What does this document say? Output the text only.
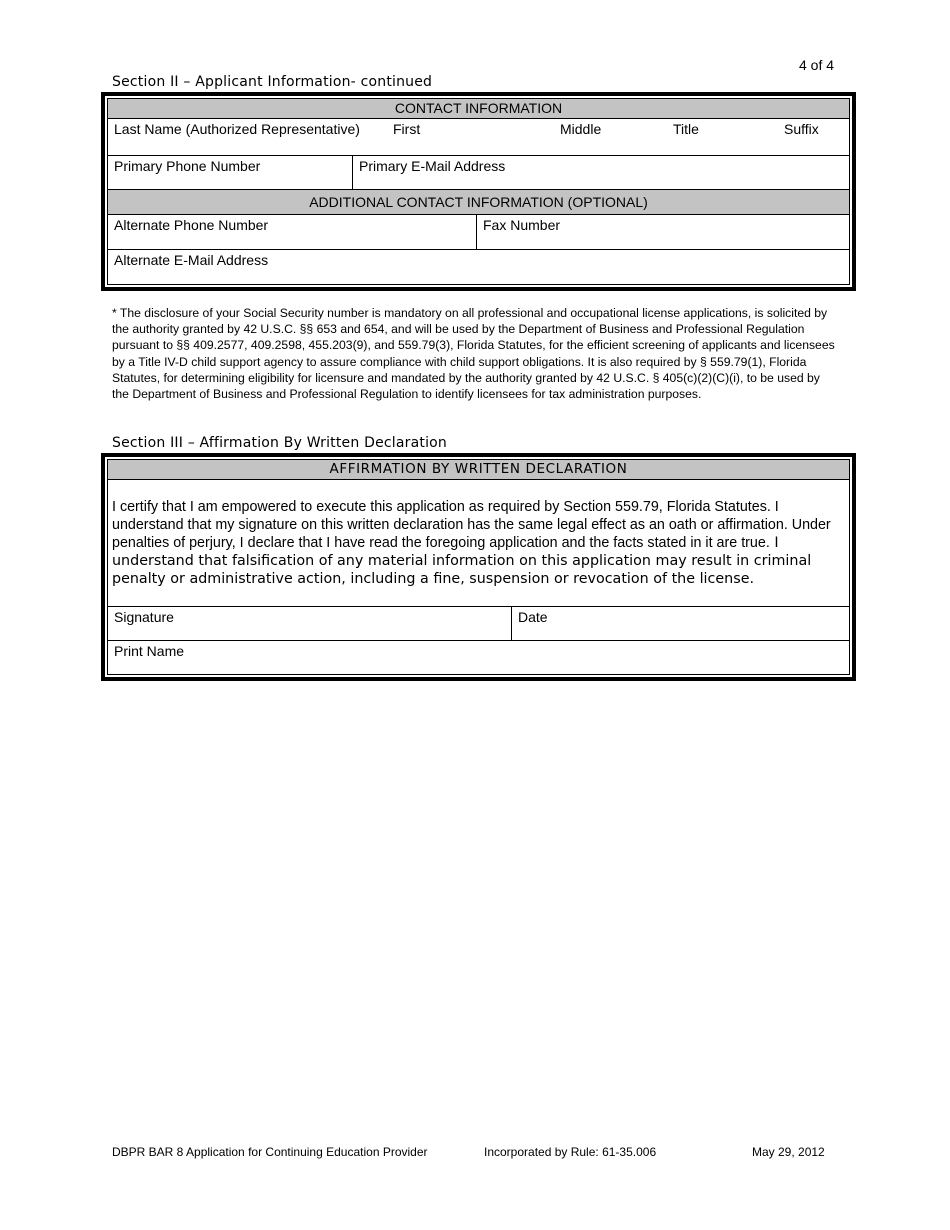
4 of 4
Section II – Applicant Information- continued
CONTACT INFORMATION
Last Name (Authorized Representative) First	Middle	Title	Suffix
Primary Phone Number	Primary E-Mail Address
ADDITIONAL CONTACT INFORMATION (OPTIONAL)
Alternate Phone Number	Fax Number
Alternate E-Mail Address
* The disclosure of your Social Security number is mandatory on all professional and occupational license applications, is solicited by the authority granted by 42 U.S.C. §§ 653 and 654, and will be used by the Department of Business and Professional Regulation pursuant to §§ 409.2577, 409.2598, 455.203(9), and 559.79(3), Florida Statutes, for the efficient screening of applicants and licensees by a Title IV-D child support agency to assure compliance with child support obligations. It is also required by § 559.79(1), Florida Statutes, for determining eligibility for licensure and mandated by the authority granted by 42 U.S.C. § 405(c)(2)(C)(i), to be used by the Department of Business and Professional Regulation to identify licensees for tax administration purposes.
Section III – Affirmation By Written Declaration
AFFIRMATION BY WRITTEN DECLARATION
I certify that I am empowered to execute this application as required by Section 559.79, Florida Statutes. I understand that my signature on this written declaration has the same legal effect as an oath or affirmation. Under penalties of perjury, I declare that I have read the foregoing application and the facts stated in it are true. I understand that falsification of any material information on this application may result in criminal penalty or administrative action, including a fine, suspension or revocation of the license.
Signature	Date
Print Name
DBPR BAR 8 Application for Continuing Education Provider	Incorporated by Rule: 61-35.006	May 29, 2012
